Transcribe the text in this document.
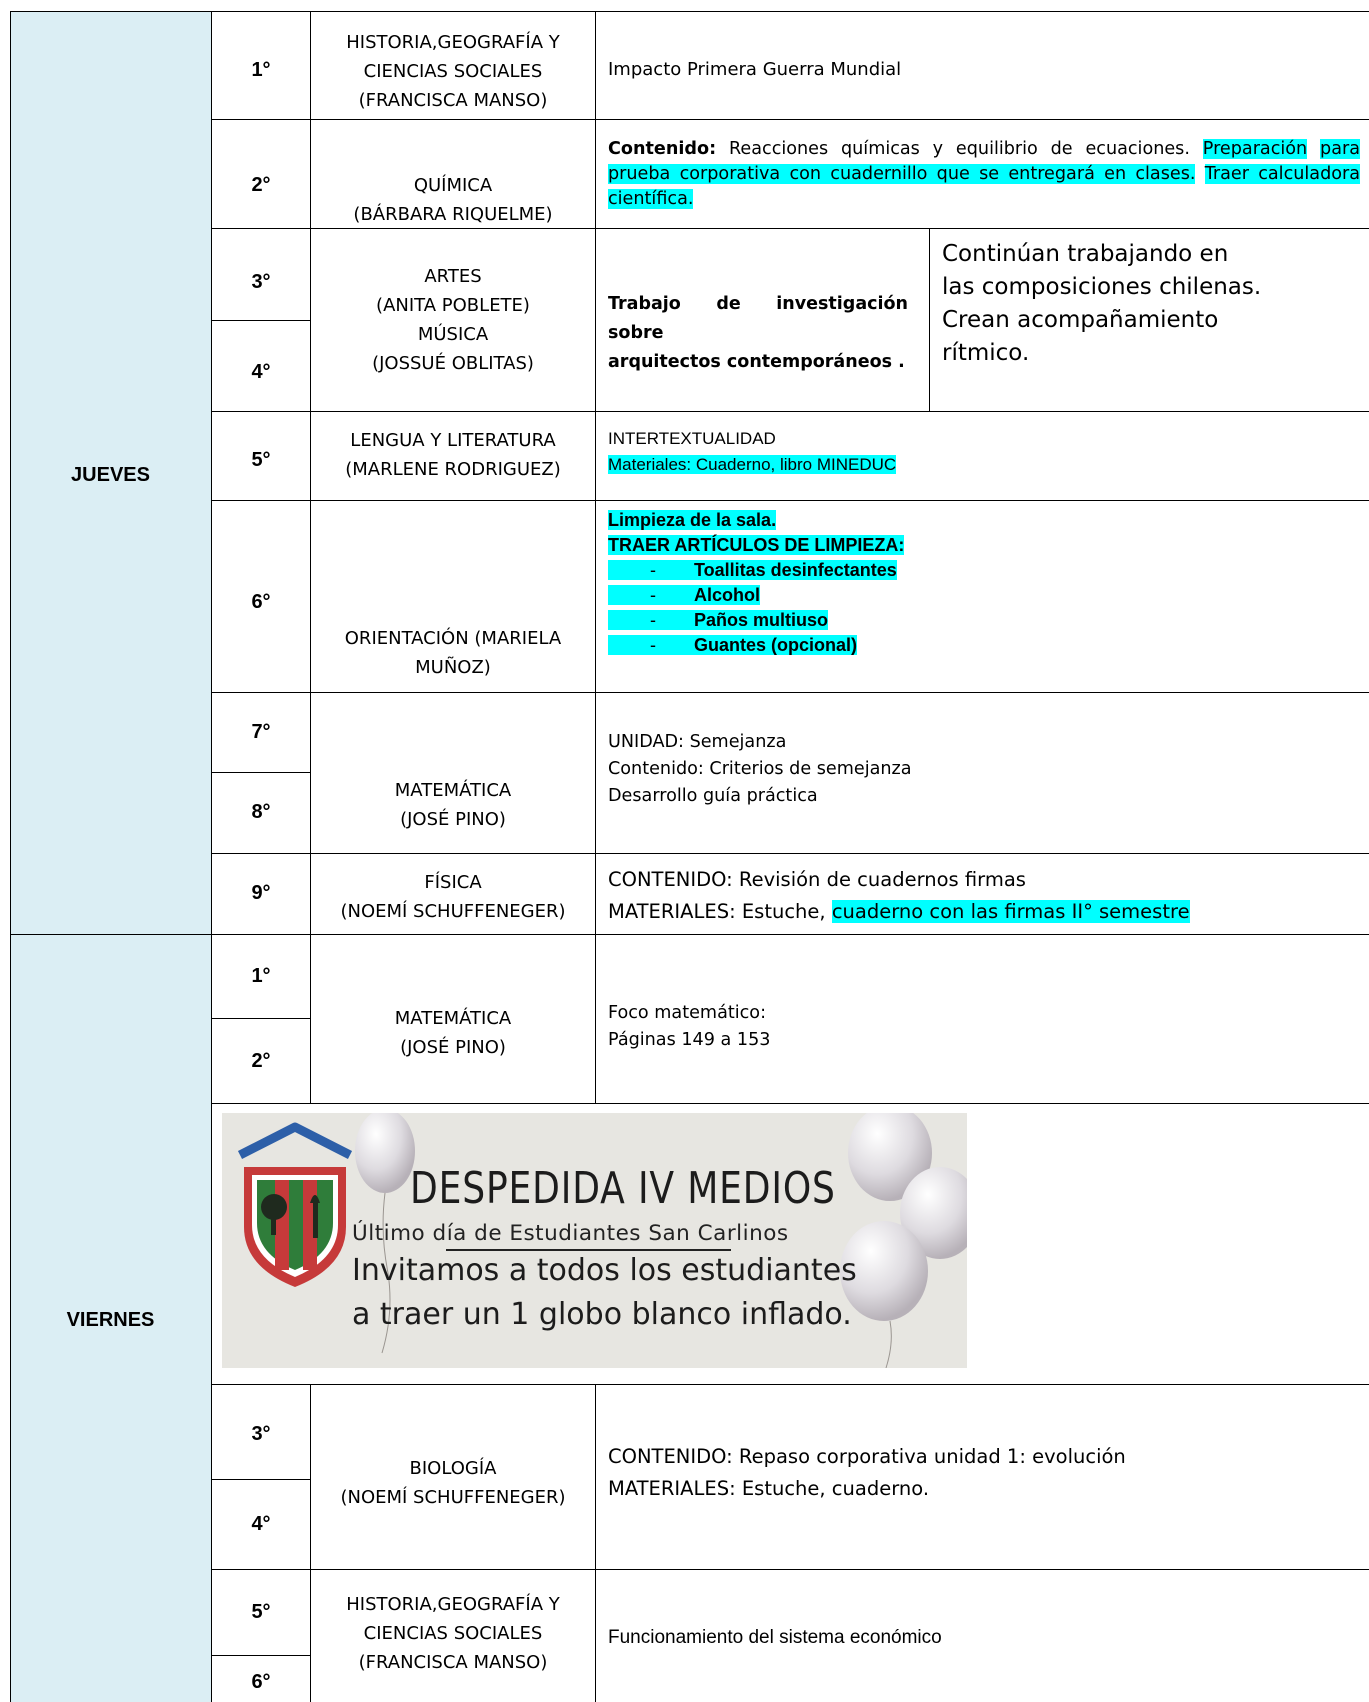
JUEVES
VIERNES
1°
2°
3°
4°
5°
6°
7°
8°
9°
HISTORIA,GEOGRAFÍA Y
CIENCIAS SOCIALES
(FRANCISCA MANSO)
QUÍMICA
(BÁRBARA RIQUELME)
ARTES
(ANITA POBLETE)
MÚSICA
(JOSSUÉ OBLITAS)
LENGUA Y LITERATURA
(MARLENE RODRIGUEZ)
ORIENTACIÓN (MARIELA
MUÑOZ)
MATEMÁTICA
(JOSÉ PINO)
FÍSICA
(NOEMÍ SCHUFFENEGER)
Impacto Primera Guerra Mundial
Contenido: Reacciones químicas y equilibrio de ecuaciones. Preparación para prueba corporativa con cuadernillo que se entregará en clases. Traer calculadora científica.
Trabajo de investigación sobre
arquitectos contemporáneos .
Continúan trabajando en
las composiciones chilenas.
Crean acompañamiento
rítmico.
INTERTEXTUALIDAD
Materiales: Cuaderno, libro MINEDUC
Limpieza de la sala.
TRAER ARTÍCULOS DE LIMPIEZA:
- Toallitas desinfectantes
- Alcohol
- Paños multiuso
- Guantes (opcional)
UNIDAD: Semejanza
Contenido: Criterios de semejanza
Desarrollo guía práctica
CONTENIDO: Revisión de cuadernos firmas
MATERIALES: Estuche, cuaderno con las firmas II° semestre
1°
2°
3°
4°
5°
6°
MATEMÁTICA
(JOSÉ PINO)
BIOLOGÍA
(NOEMÍ SCHUFFENEGER)
HISTORIA,GEOGRAFÍA Y
CIENCIAS SOCIALES
(FRANCISCA MANSO)
Foco matemático:
Páginas 149 a 153
CONTENIDO: Repaso corporativa unidad 1: evolución
MATERIALES: Estuche, cuaderno.
Funcionamiento del sistema económico
DESPEDIDA IV MEDIOS
Último día de Estudiantes San Carlinos
Invitamos a todos los estudiantes
a traer un 1 globo blanco inflado.
